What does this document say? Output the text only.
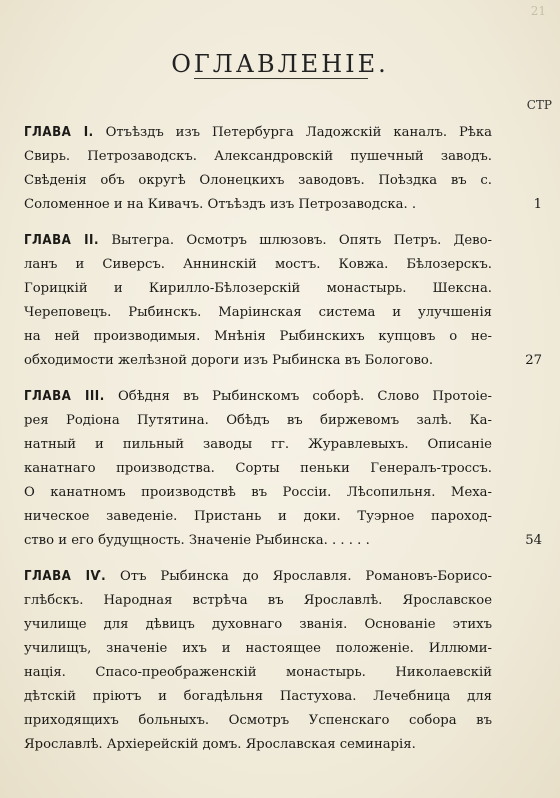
21
ОГЛАВЛЕНІЕ.
СТР
ГЛАВА I. Отъѣздъ изъ Петербурга Ладожскій каналъ. Рѣка
Свирь. Петрозаводскъ. Александровскій пушечный заводъ.
Свѣденія объ округѣ Олонецкихъ заводовъ. Поѣздка въ с.
Соломенное и на Кивачъ. Отъѣздъ изъ Петрозаводска. .	1
ГЛАВА II. Вытегра. Осмотръ шлюзовъ. Опять Петръ. Дево-
ланъ и Сиверсъ. Аннинскій мостъ. Ковжа. Бѣлозерскъ.
Горицкій и Кирилло-Бѣлозерскій монастырь. Шексна.
Череповецъ. Рыбинскъ. Маріинская система и улучшенія
на ней производимыя. Мнѣнія Рыбинскихъ купцовъ о не-
обходимости желѣзной дороги изъ Рыбинска въ Бологово.	27
ГЛАВА III. Обѣдня въ Рыбинскомъ соборѣ. Слово Протоіе-
рея Родіона Путятина. Обѣдъ въ биржевомъ залѣ. Ка-
натный и пильный заводы гг. Журавлевыхъ. Описаніе
канатнаго производства. Сорты пеньки Генералъ-троссъ.
О канатномъ производствѣ въ Россіи. Лѣсопильня. Меха-
ническое заведеніе. Пристань и доки. Туэрное пароход-
ство и его будущность. Значеніе Рыбинска. . . . . .	54
ГЛАВА IѴ. Отъ Рыбинска до Ярославля. Романовъ-Борисо-
глѣбскъ. Народная встрѣча въ Ярославлѣ. Ярославское
училище для дѣвицъ духовнаго званія. Основаніе этихъ
училищъ, значеніе ихъ и настоящее положеніе. Иллюми-
нація. Спасо-преображенскій монастырь. Николаевскій
дѣтскій пріютъ и богадѣльня Пастухова. Лечебница для
приходящихъ больныхъ. Осмотръ Успенскаго собора въ
Ярославлѣ. Архіерейскій домъ. Ярославская семинарія.
